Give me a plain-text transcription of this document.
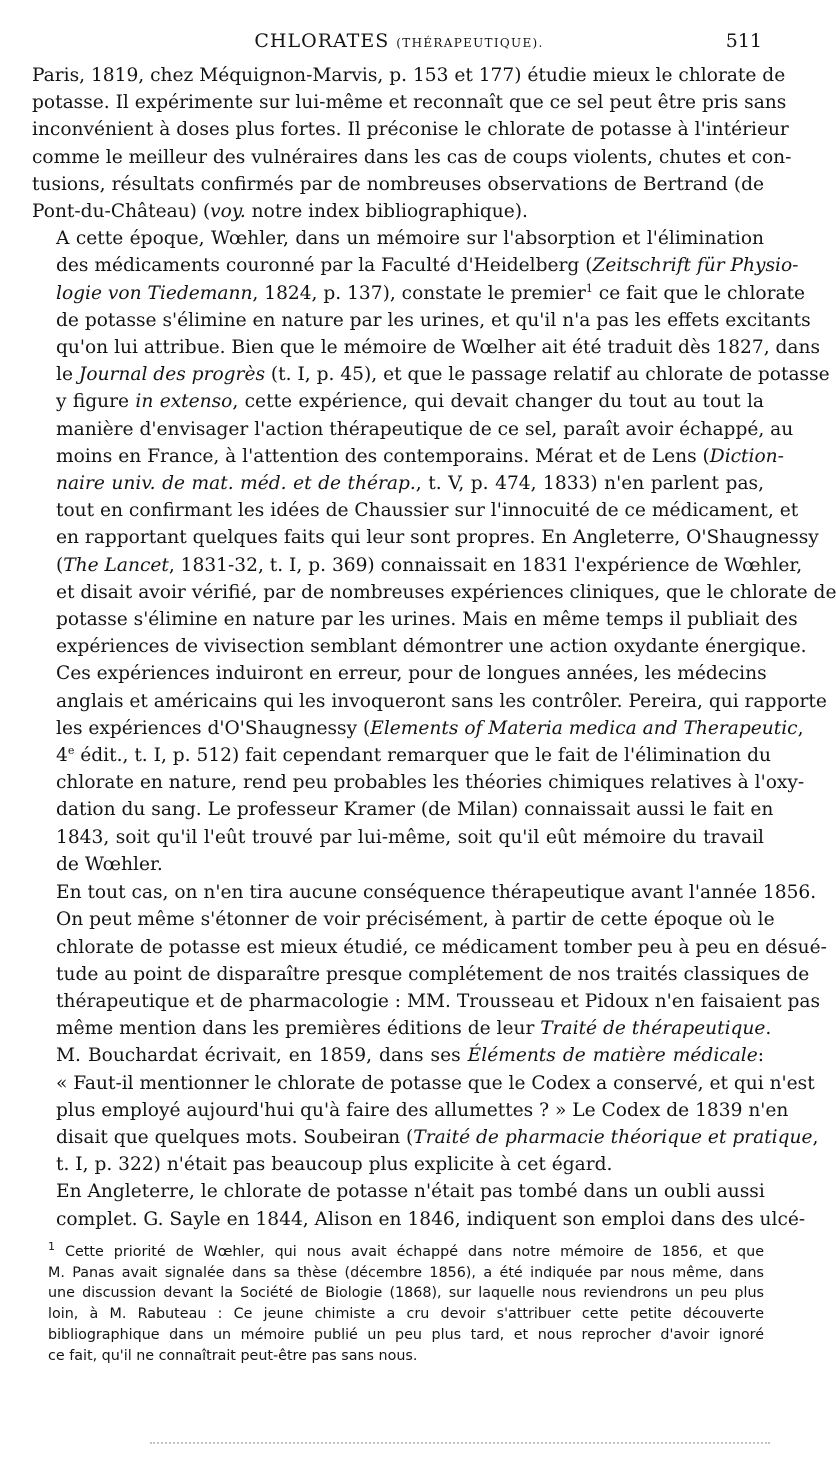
CHLORATES (THÉRAPEUTIQUE).	511

Paris, 1819, chez Méquignon-Marvis, p. 153 et 177) étudie mieux le chlorate de
potasse. Il expérimente sur lui-même et reconnaît que ce sel peut être pris sans
inconvénient à doses plus fortes. Il préconise le chlorate de potasse à l'intérieur
comme le meilleur des vulnéraires dans les cas de coups violents, chutes et con-
tusions, résultats confirmés par de nombreuses observations de Bertrand (de
Pont-du-Château) (voy. notre index bibliographique).

A cette époque, Wœhler, dans un mémoire sur l'absorption et l'élimination
des médicaments couronné par la Faculté d'Heidelberg (Zeitschrift für Physio-
logie von Tiedemann, 1824, p. 137), constate le premier$^1$ ce fait que le chlorate
de potasse s'élimine en nature par les urines, et qu'il n'a pas les effets excitants
qu'on lui attribue. Bien que le mémoire de Wœlher ait été traduit dès 1827, dans
le Journal des progrès (t. I, p. 45), et que le passage relatif au chlorate de potasse
y figure in extenso, cette expérience, qui devait changer du tout au tout la
manière d'envisager l'action thérapeutique de ce sel, paraît avoir échappé, au
moins en France, à l'attention des contemporains. Mérat et de Lens (Diction-
naire univ. de mat. méd. et de thérap., t. V, p. 474, 1833) n'en parlent pas,
tout en confirmant les idées de Chaussier sur l'innocuité de ce médicament, et
en rapportant quelques faits qui leur sont propres. En Angleterre, O'Shaugnessy
(The Lancet, 1831-32, t. I, p. 369) connaissait en 1831 l'expérience de Wœhler,
et disait avoir vérifié, par de nombreuses expériences cliniques, que le chlorate de
potasse s'élimine en nature par les urines. Mais en même temps il publiait des
expériences de vivisection semblant démontrer une action oxydante énergique.
Ces expériences induiront en erreur, pour de longues années, les médecins
anglais et américains qui les invoqueront sans les contrôler. Pereira, qui rapporte
les expériences d'O'Shaugnessy (Elements of Materia medica and Therapeutic,
4e édit., t. I, p. 512) fait cependant remarquer que le fait de l'élimination du
chlorate en nature, rend peu probables les théories chimiques relatives à l'oxy-
dation du sang. Le professeur Kramer (de Milan) connaissait aussi le fait en
1843, soit qu'il l'eût trouvé par lui-même, soit qu'il eût mémoire du travail
de Wœhler.

En tout cas, on n'en tira aucune conséquence thérapeutique avant l'année 1856.
On peut même s'étonner de voir précisément, à partir de cette époque où le
chlorate de potasse est mieux étudié, ce médicament tomber peu à peu en désué-
tude au point de disparaître presque complétement de nos traités classiques de
thérapeutique et de pharmacologie : MM. Trousseau et Pidoux n'en faisaient pas
même mention dans les premières éditions de leur Traité de thérapeutique.
M. Bouchardat écrivait, en 1859, dans ses Éléments de matière médicale:
« Faut-il mentionner le chlorate de potasse que le Codex a conservé, et qui n'est
plus employé aujourd'hui qu'à faire des allumettes ? » Le Codex de 1839 n'en
disait que quelques mots. Soubeiran (Traité de pharmacie théorique et pratique,
t. I, p. 322) n'était pas beaucoup plus explicite à cet égard.

En Angleterre, le chlorate de potasse n'était pas tombé dans un oubli aussi
complet. G. Sayle en 1844, Alison en 1846, indiquent son emploi dans des ulcé-

$^1$ Cette priorité de Wœhler, qui nous avait échappé dans notre mémoire de 1856, et que
M. Panas avait signalée dans sa thèse (décembre 1856), a été indiquée par nous même, dans
une discussion devant la Société de Biologie (1868), sur laquelle nous reviendrons un peu plus
loin, à M. Rabuteau : Ce jeune chimiste a cru devoir s'attribuer cette petite découverte
bibliographique dans un mémoire publié un peu plus tard, et nous reprocher d'avoir ignoré
ce fait, qu'il ne connaîtrait peut-être pas sans nous.
